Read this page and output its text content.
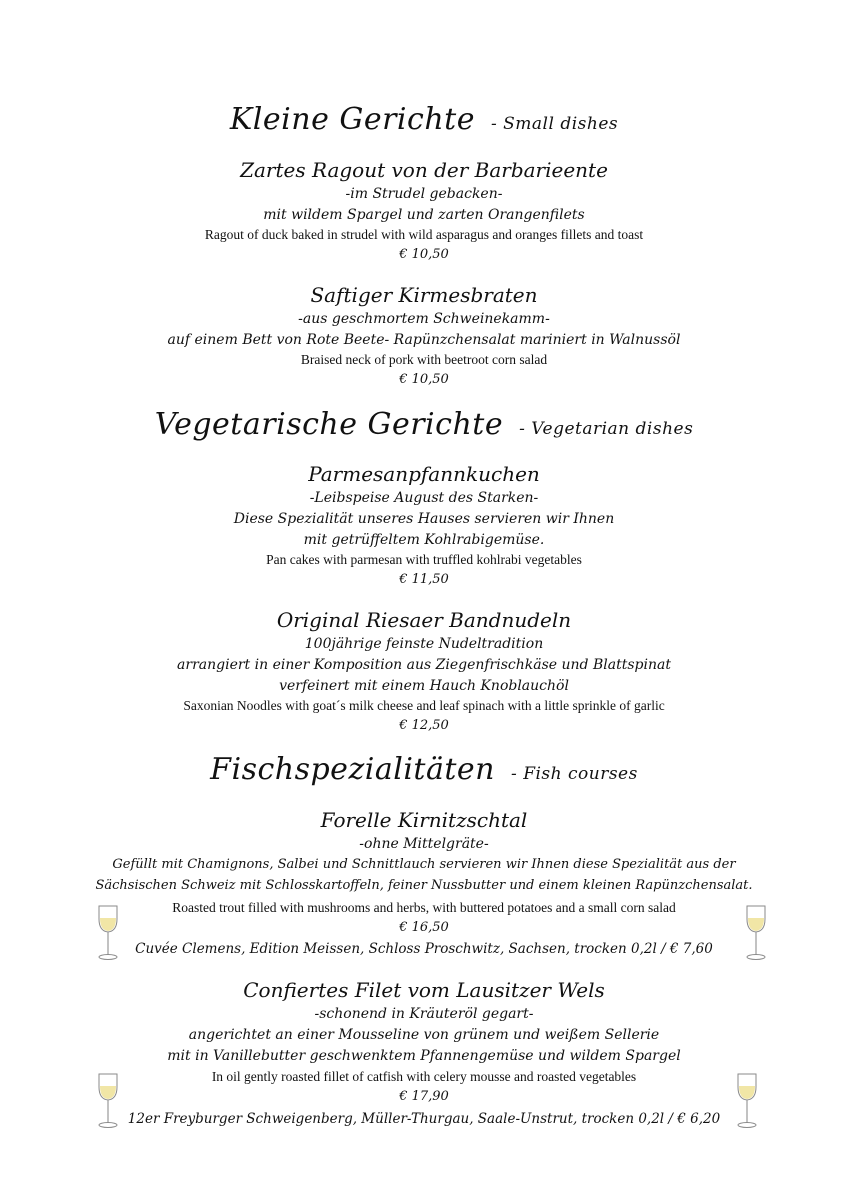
Kleine Gerichte - Small dishes
Zartes Ragout von der Barbarieente
-im Strudel gebacken-
mit wildem Spargel und zarten Orangenfilets
Ragout of duck baked in strudel with wild asparagus and oranges fillets and toast
€ 10,50
Saftiger Kirmesbraten
-aus geschmortem Schweinekamm-
auf einem Bett von Rote Beete- Rapünzchensalat mariniert in Walnussöl
Braised neck of pork with beetroot corn salad
€ 10,50
Vegetarische Gerichte - Vegetarian dishes
Parmesanpfannkuchen
-Leibspeise August des Starken-
Diese Spezialität unseres Hauses servieren wir Ihnen
mit getrüffeltem Kohlrabigemüse.
Pan cakes with parmesan with truffled kohlrabi vegetables
€ 11,50
Original Riesaer Bandnudeln
100jährige feinste Nudeltradition
arrangiert in einer Komposition aus Ziegenfrischkäse und Blattspinat
verfeinert mit einem Hauch Knoblauchöl
Saxonian Noodles with goat´s milk cheese and leaf spinach with a little sprinkle of garlic
€ 12,50
Fischspezialitäten - Fish courses
Forelle Kirnitzschtal
-ohne Mittelgräte-
Gefüllt mit Chamignons, Salbei und Schnittlauch servieren wir Ihnen diese Spezialität aus der
Sächsischen Schweiz mit Schlosskartoffeln, feiner Nussbutter und einem kleinen Rapünzchensalat.
Roasted trout filled with mushrooms and herbs, with buttered potatoes and a small corn salad
€ 16,50
Cuvée Clemens, Edition Meissen, Schloss Proschwitz, Sachsen, trocken 0,2l / € 7,60
Confiertes Filet vom Lausitzer Wels
-schonend in Kräuteröl gegart-
angerichtet an einer Mousseline von grünem und weißem Sellerie
mit in Vanillebutter geschwenktem Pfannengemüse und wildem Spargel
In oil gently roasted fillet of catfish with celery mousse and roasted vegetables
€ 17,90
12er Freyburger Schweigenberg, Müller-Thurgau, Saale-Unstrut, trocken 0,2l / € 6,20
